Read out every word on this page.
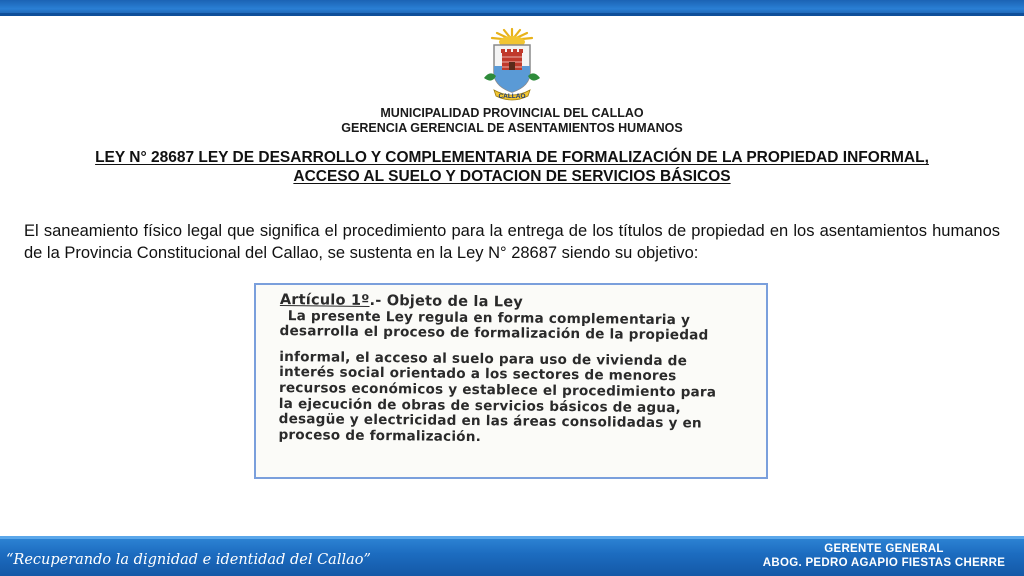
CALLAO
MUNICIPALIDAD PROVINCIAL DEL CALLAO
GERENCIA GERENCIAL DE ASENTAMIENTOS HUMANOS
LEY N° 28687 LEY DE DESARROLLO Y COMPLEMENTARIA DE FORMALIZACIÓN DE LA PROPIEDAD INFORMAL,
ACCESO AL SUELO Y DOTACION DE SERVICIOS BÁSICOS
El saneamiento físico legal que significa el procedimiento para la entrega de los títulos de propiedad en los asentamientos humanos de la Provincia Constitucional del Callao, se sustenta en la Ley N° 28687 siendo su objetivo:
Artículo 1º.- Objeto de la Ley
La presente Ley regula en forma complementaria y
desarrolla el proceso de formalización de la propiedad
informal, el acceso al suelo para uso de vivienda de
interés social orientado a los sectores de menores
recursos económicos y establece el procedimiento para
la ejecución de obras de servicios básicos de agua,
desagüe y electricidad en las áreas consolidadas y en
proceso de formalización.
“Recuperando la dignidad e identidad del Callao”
GERENTE GENERAL
ABOG. PEDRO AGAPIO FIESTAS CHERRE
